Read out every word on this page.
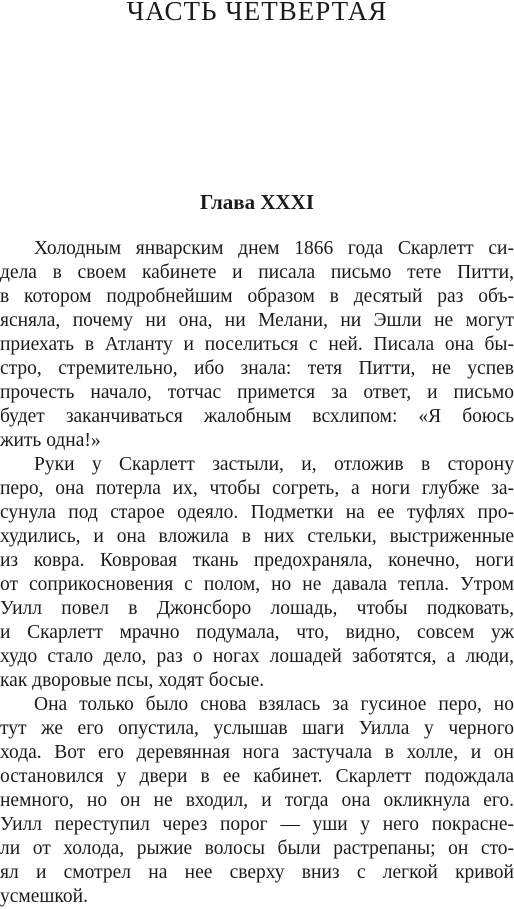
ЧАСТЬ ЧЕТВЕРТАЯ
Глава XXXI
Холодным январским днем 1866 года Скарлетт си-
дела в своем кабинете и писала письмо тете Питти,
в котором подробнейшим образом в десятый раз объ-
ясняла, почему ни она, ни Мелани, ни Эшли не могут
приехать в Атланту и поселиться с ней. Писала она бы-
стро, стремительно, ибо знала: тетя Питти, не успев
прочесть начало, тотчас примется за ответ, и письмо
будет заканчиваться жалобным всхлипом: «Я боюсь
жить одна!»
Руки у Скарлетт застыли, и, отложив в сторону
перо, она потерла их, чтобы согреть, а ноги глубже за-
сунула под старое одеяло. Подметки на ее туфлях про-
худились, и она вложила в них стельки, выстриженные
из ковра. Ковровая ткань предохраняла, конечно, ноги
от соприкосновения с полом, но не давала тепла. Утром
Уилл повел в Джонсборо лошадь, чтобы подковать,
и Скарлетт мрачно подумала, что, видно, совсем уж
худо стало дело, раз о ногах лошадей заботятся, а люди,
как дворовые псы, ходят босые.
Она только было снова взялась за гусиное перо, но
тут же его опустила, услышав шаги Уилла у черного
хода. Вот его деревянная нога застучала в холле, и он
остановился у двери в ее кабинет. Скарлетт подождала
немного, но он не входил, и тогда она окликнула его.
Уилл переступил через порог — уши у него покрасне-
ли от холода, рыжие волосы были растрепаны; он сто-
ял и смотрел на нее сверху вниз с легкой кривой
усмешкой.
